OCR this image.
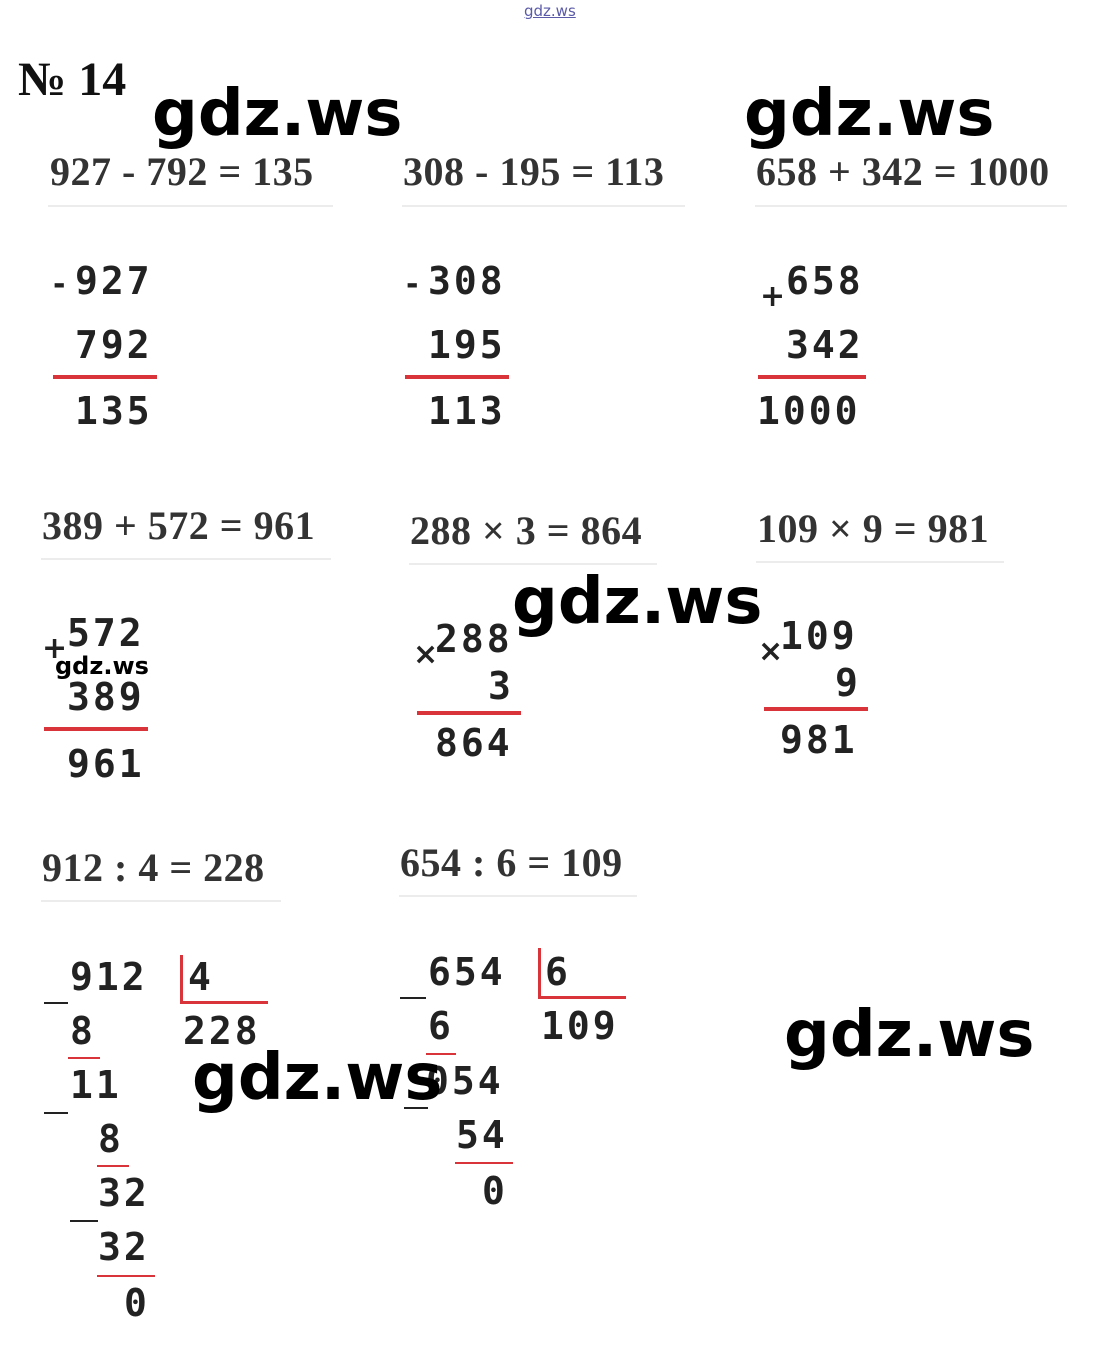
gdz.ws
№ 14
927 - 792 = 135 308 - 195 = 113 658 + 342 = 1000
- 927
792
135
- 308
195
113
+ 658
342
1000
389 + 572 = 961 288 × 3 = 864	109 × 9 = 981
+ 572
389
961
×
288
3
864
×
109
9
981
912 : 4 = 228	654 : 6 = 109
912 4
228
8
11
8
32
32
0
654 6
109
6
054
54
0
gdz.ws	gdz.ws
gdz.ws
gdz.ws
gdz.ws
gdz.ws
